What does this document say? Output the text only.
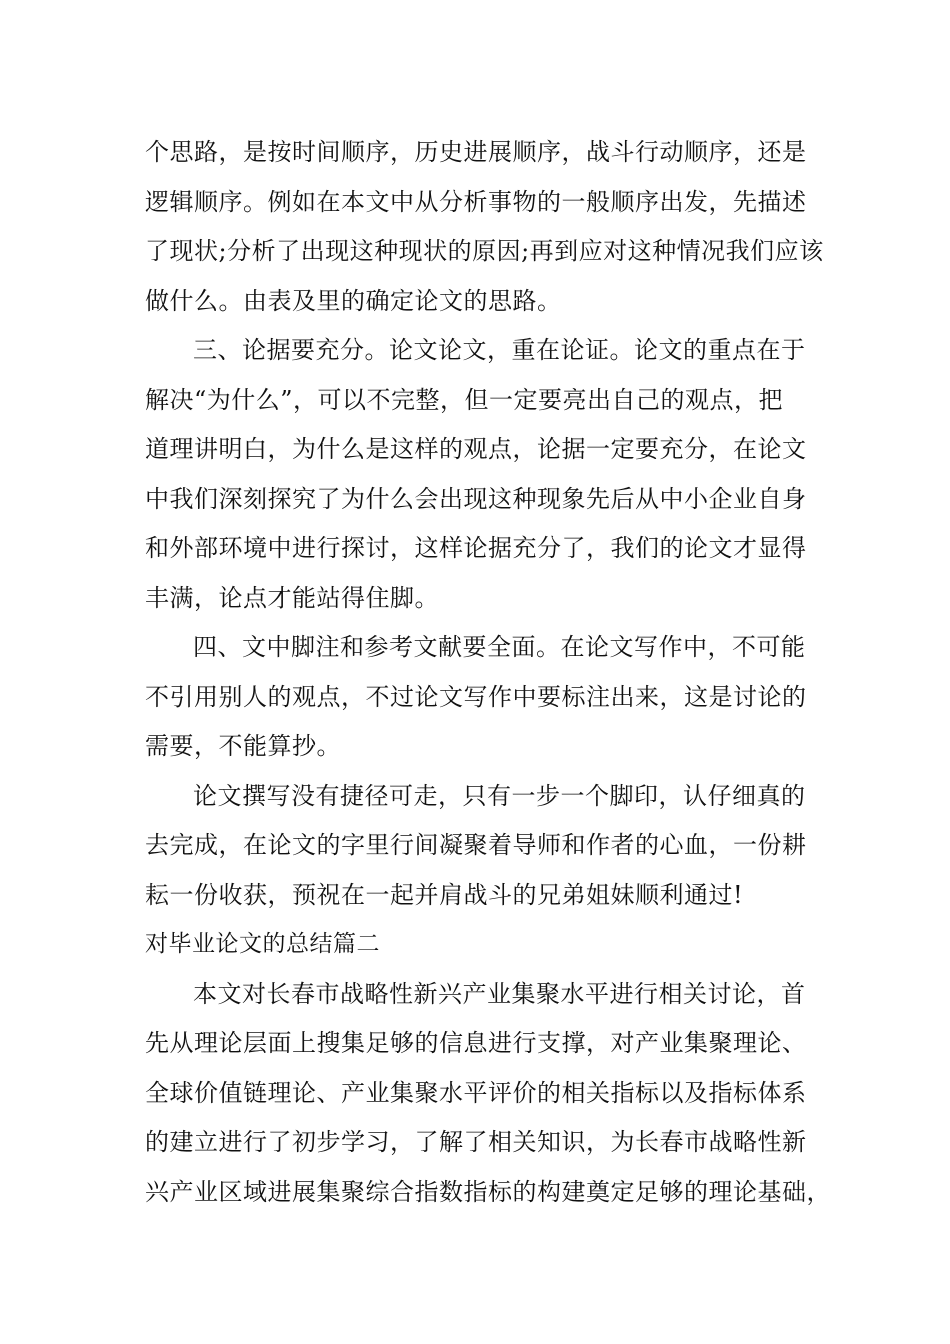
个思路，是按时间顺序，历史进展顺序，战斗行动顺序，还是
逻辑顺序。例如在本文中从分析事物的一般顺序出发，先描述
了现状;分析了出现这种现状的原因;再到应对这种情况我们应该
做什么。由表及里的确定论文的思路。
三、论据要充分。论文论文，重在论证。论文的重点在于
解决“为什么”，可以不完整，但一定要亮出自己的观点，把
道理讲明白，为什么是这样的观点，论据一定要充分，在论文
中我们深刻探究了为什么会出现这种现象先后从中小企业自身
和外部环境中进行探讨，这样论据充分了，我们的论文才显得
丰满，论点才能站得住脚。
四、文中脚注和参考文献要全面。在论文写作中，不可能
不引用别人的观点，不过论文写作中要标注出来，这是讨论的
需要，不能算抄。
论文撰写没有捷径可走，只有一步一个脚印，认仔细真的
去完成，在论文的字里行间凝聚着导师和作者的心血，一份耕
耘一份收获，预祝在一起并肩战斗的兄弟姐妹顺利通过!
对毕业论文的总结篇二
本文对长春市战略性新兴产业集聚水平进行相关讨论，首
先从理论层面上搜集足够的信息进行支撑，对产业集聚理论、
全球价值链理论、产业集聚水平评价的相关指标以及指标体系
的建立进行了初步学习，了解了相关知识，为长春市战略性新
兴产业区域进展集聚综合指数指标的构建奠定足够的理论基础，
